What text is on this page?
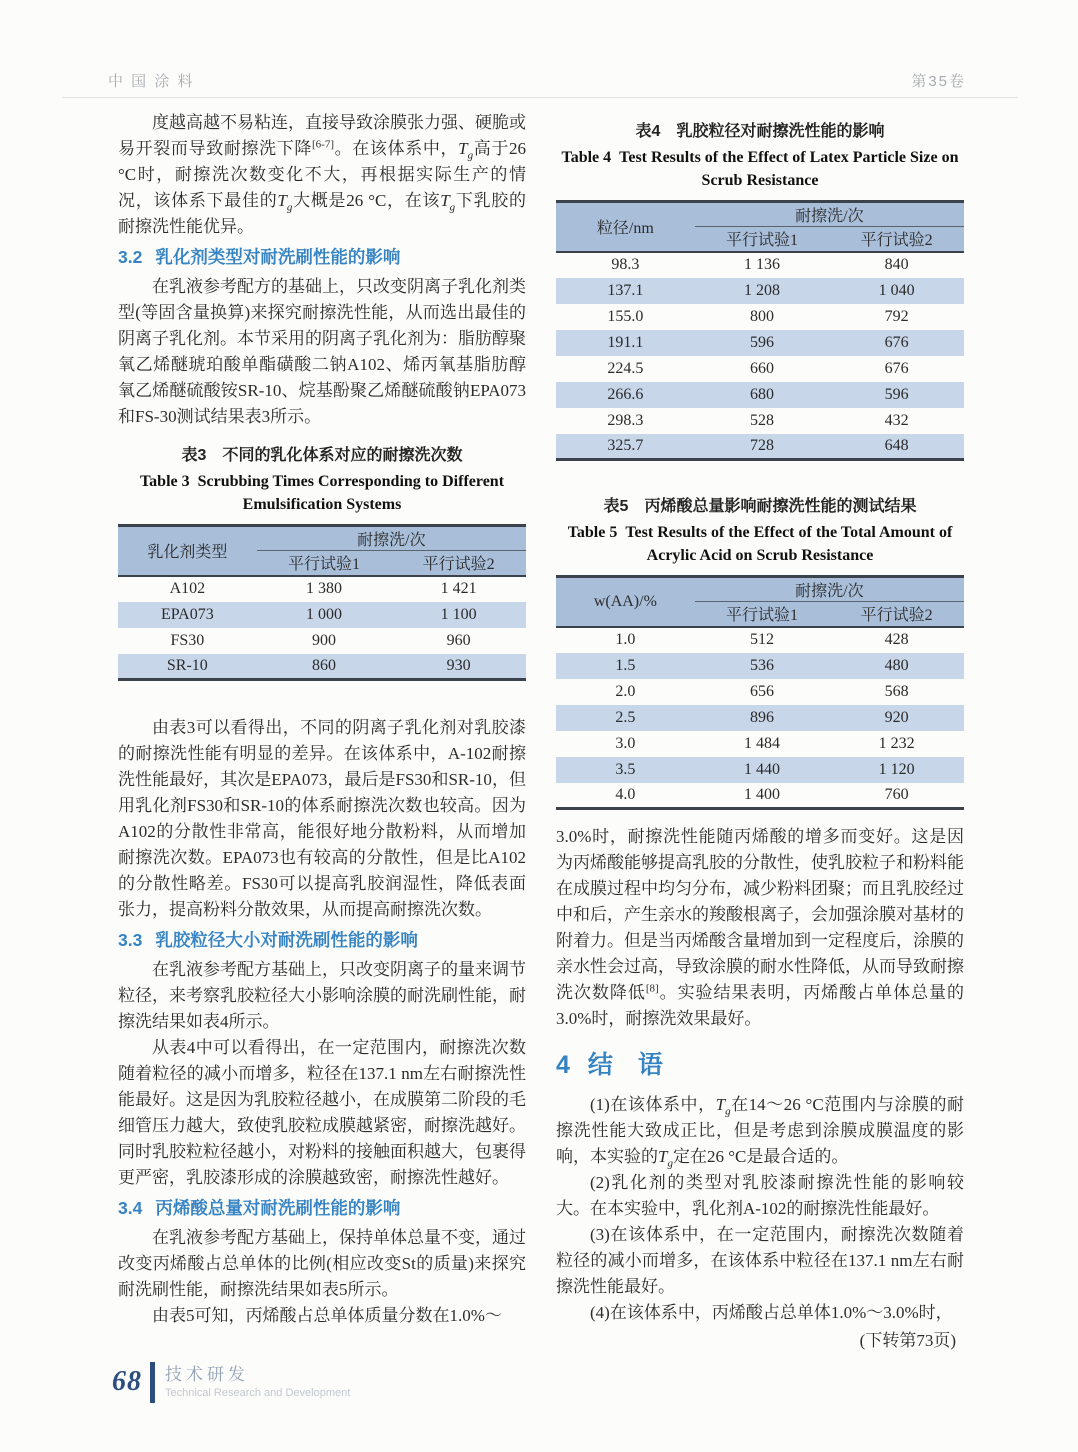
中 国 涂 料	第35卷

度越高越不易粘连，直接导致涂膜张力强、硬脆或易开裂而导致耐擦洗下降[6-7]。在该体系中，$T_g$高于26 °C时，耐擦洗次数变化不大，再根据实际生产的情况，该体系下最佳的$T_g$大概是26 °C，在该$T_g$下乳胶的耐擦洗性能优异。

3.2 乳化剂类型对耐洗刷性能的影响

在乳液参考配方的基础上，只改变阴离子乳化剂类型(等固含量换算)来探究耐擦洗性能，从而选出最佳的阴离子乳化剂。本节采用的阴离子乳化剂为：脂肪醇聚氧乙烯醚琥珀酸单酯磺酸二钠A102、烯丙氧基脂肪醇氧乙烯醚硫酸铵SR-10、烷基酚聚乙烯醚硫酸钠EPA073和FS-30测试结果表3所示。

表3　不同的乳化体系对应的耐擦洗次数
Table 3 Scrubbing Times Corresponding to Different Emulsification Systems
乳化剂类型	耐擦洗/次	
	平行试验1	平行试验2
A102	1 380	1 421
EPA073	1 000	1 100
FS30	900	960
SR-10	860	930

由表3可以看得出，不同的阴离子乳化剂对乳胶漆的耐擦洗性能有明显的差异。在该体系中，A-102耐擦洗性能最好，其次是EPA073，最后是FS30和SR-10，但用乳化剂FS30和SR-10的体系耐擦洗次数也较高。因为A102的分散性非常高，能很好地分散粉料，从而增加耐擦洗次数。EPA073也有较高的分散性，但是比A102的分散性略差。FS30可以提高乳胶润湿性，降低表面张力，提高粉料分散效果，从而提高耐擦洗次数。

3.3 乳胶粒径大小对耐洗刷性能的影响

在乳液参考配方基础上，只改变阴离子的量来调节粒径，来考察乳胶粒径大小影响涂膜的耐洗刷性能，耐擦洗结果如表4所示。

从表4中可以看得出，在一定范围内，耐擦洗次数随着粒径的减小而增多，粒径在137.1 nm左右耐擦洗性能最好。这是因为乳胶粒径越小，在成膜第二阶段的毛细管压力越大，致使乳胶粒成膜越紧密，耐擦洗越好。同时乳胶粒粒径越小，对粉料的接触面积越大，包裹得更严密，乳胶漆形成的涂膜越致密，耐擦洗性越好。

3.4 丙烯酸总量对耐洗刷性能的影响

在乳液参考配方基础上，保持单体总量不变，通过改变丙烯酸占总单体的比例(相应改变St的质量)来探究耐洗刷性能，耐擦洗结果如表5所示。

由表5可知，丙烯酸占总单体质量分数在1.0%～

表4　乳胶粒径对耐擦洗性能的影响
Table 4 Test Results of the Effect of Latex Particle Size on Scrub Resistance
粒径/nm	耐擦洗/次	
	平行试验1	平行试验2
98.3	1 136	840
137.1	1 208	1 040
155.0	800	792
191.1	596	676
224.5	660	676
266.6	680	596
298.3	528	432
325.7	728	648
表5　丙烯酸总量影响耐擦洗性能的测试结果
Table 5 Test Results of the Effect of the Total Amount of Acrylic Acid on Scrub Resistance
w(AA)/%	耐擦洗/次	
	平行试验1	平行试验2
1.0	512	428
1.5	536	480
2.0	656	568
2.5	896	920
3.0	1 484	1 232
3.5	1 440	1 120
4.0	1 400	760

3.0%时，耐擦洗性能随丙烯酸的增多而变好。这是因为丙烯酸能够提高乳胶的分散性，使乳胶粒子和粉料能在成膜过程中均匀分布，减少粉料团聚；而且乳胶经过中和后，产生亲水的羧酸根离子，会加强涂膜对基材的附着力。但是当丙烯酸含量增加到一定程度后，涂膜的亲水性会过高，导致涂膜的耐水性降低，从而导致耐擦洗次数降低[8]。实验结果表明，丙烯酸占单体总量的3.0%时，耐擦洗效果最好。

4 结　语

(1)在该体系中，$T_g$在14～26 °C范围内与涂膜的耐擦洗性能大致成正比，但是考虑到涂膜成膜温度的影响，本实验的$T_g$定在26 °C是最合适的。

(2)乳化剂的类型对乳胶漆耐擦洗性能的影响较大。在本实验中，乳化剂A-102的耐擦洗性能最好。

(3)在该体系中，在一定范围内，耐擦洗次数随着粒径的减小而增多，在该体系中粒径在137.1 nm左右耐擦洗性能最好。

(4)在该体系中，丙烯酸占总单体1.0%～3.0%时，

(下转第73页)

68 技术研发
Technical Research and Development
